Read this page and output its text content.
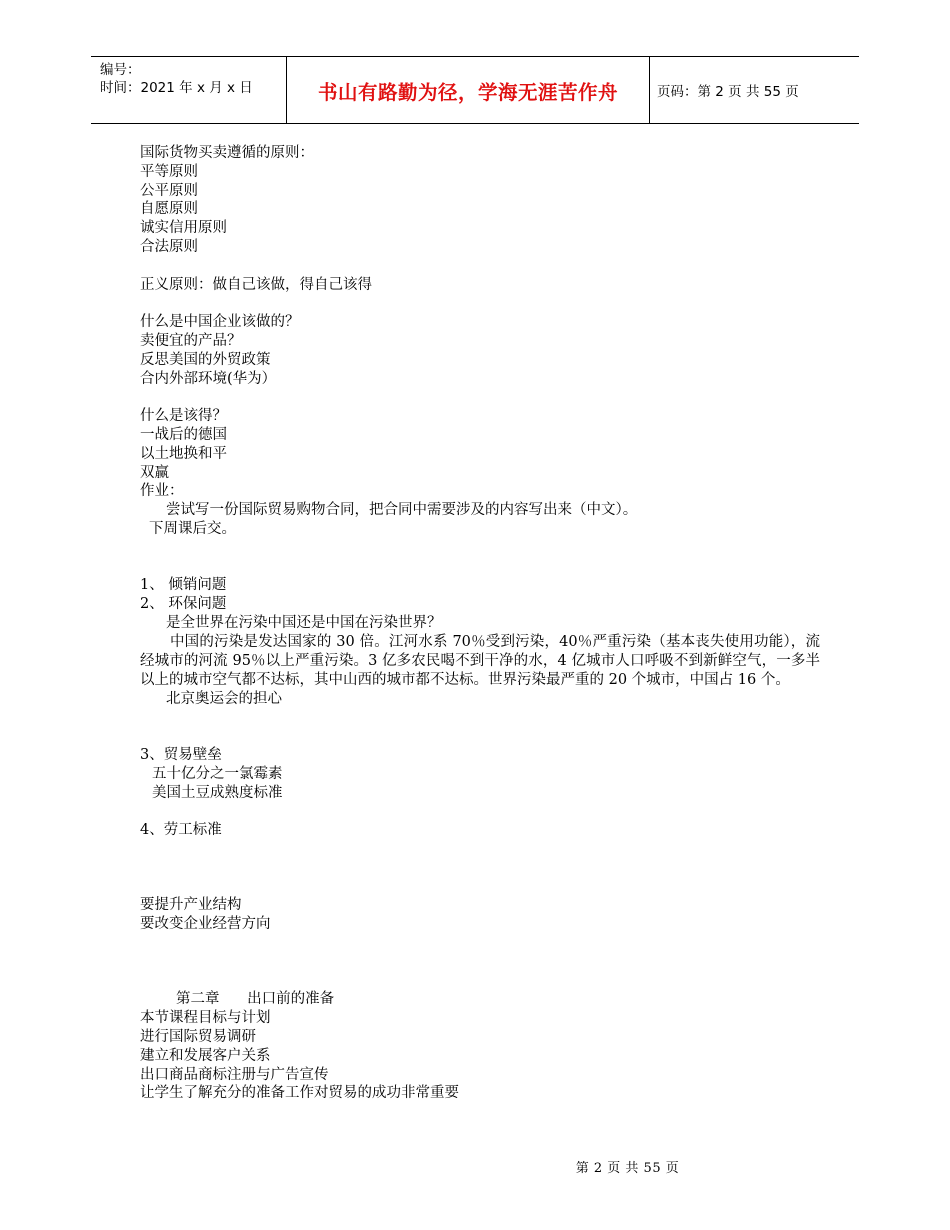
编号：
时间：2021 年 x 月 x 日	书山有路勤为径，学海无涯苦作舟	页码：第 2 页 共 55 页
国际货物买卖遵循的原则：
平等原则
公平原则
自愿原则
诚实信用原则
合法原则
正义原则：做自己该做，得自己该得
什么是中国企业该做的？
卖便宜的产品？
反思美国的外贸政策
合内外部环境(华为）
什么是该得？
一战后的德国
以土地换和平
双赢
作业：
尝试写一份国际贸易购物合同，把合同中需要涉及的内容写出来（中文）。
下周课后交。
1、 倾销问题
2、 环保问题
是全世界在污染中国还是中国在污染世界？

中国的污染是发达国家的 30 倍。江河水系 70％受到污染，40％严重污染（基本丧失使用功能），流经城市的河流 95％以上严重污染。3 亿多农民喝不到干净的水，4 亿城市人口呼吸不到新鲜空气，一多半以上的城市空气都不达标，其中山西的城市都不达标。世界污染最严重的 20 个城市，中国占 16 个。

北京奥运会的担心
3、贸易壁垒
五十亿分之一氯霉素
美国土豆成熟度标准
4、劳工标准
要提升产业结构
要改变企业经营方向
第二章      出口前的准备
本节课程目标与计划
进行国际贸易调研
建立和发展客户关系
出口商品商标注册与广告宣传
让学生了解充分的准备工作对贸易的成功非常重要
第 2 页 共 55 页
